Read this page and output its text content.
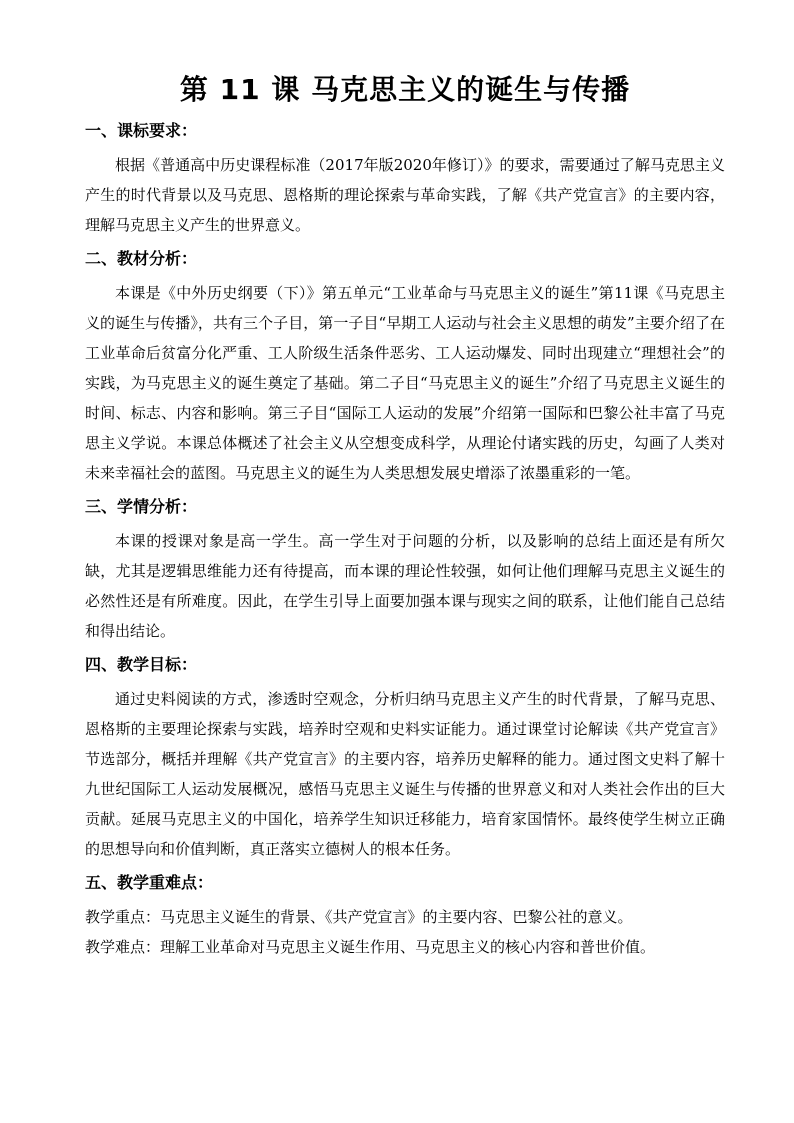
第 11 课 马克思主义的诞生与传播
一、课标要求：

根据《普通高中历史课程标准（2017年版2020年修订）》的要求，需要通过了解马克思主义产生的时代背景以及马克思、恩格斯的理论探索与革命实践，了解《共产党宣言》的主要内容，理解马克思主义产生的世界意义。

二、教材分析：

本课是《中外历史纲要（下）》第五单元“工业革命与马克思主义的诞生”第11课《马克思主义的诞生与传播》，共有三个子目，第一子目“早期工人运动与社会主义思想的萌发”主要介绍了在工业革命后贫富分化严重、工人阶级生活条件恶劣、工人运动爆发、同时出现建立“理想社会”的实践，为马克思主义的诞生奠定了基础。第二子目“马克思主义的诞生”介绍了马克思主义诞生的时间、标志、内容和影响。第三子目“国际工人运动的发展”介绍第一国际和巴黎公社丰富了马克思主义学说。本课总体概述了社会主义从空想变成科学，从理论付诸实践的历史，勾画了人类对未来幸福社会的蓝图。马克思主义的诞生为人类思想发展史增添了浓墨重彩的一笔。

三、学情分析：

本课的授课对象是高一学生。高一学生对于问题的分析，以及影响的总结上面还是有所欠缺，尤其是逻辑思维能力还有待提高，而本课的理论性较强，如何让他们理解马克思主义诞生的必然性还是有所难度。因此，在学生引导上面要加强本课与现实之间的联系，让他们能自己总结和得出结论。

四、教学目标：

通过史料阅读的方式，渗透时空观念，分析归纳马克思主义产生的时代背景，了解马克思、恩格斯的主要理论探索与实践，培养时空观和史料实证能力。通过课堂讨论解读《共产党宣言》节选部分，概括并理解《共产党宣言》的主要内容，培养历史解释的能力。通过图文史料了解十九世纪国际工人运动发展概况，感悟马克思主义诞生与传播的世界意义和对人类社会作出的巨大贡献。延展马克思主义的中国化，培养学生知识迁移能力，培育家国情怀。最终使学生树立正确的思想导向和价值判断，真正落实立德树人的根本任务。

五、教学重难点：

教学重点：马克思主义诞生的背景、《共产党宣言》的主要内容、巴黎公社的意义。

教学难点：理解工业革命对马克思主义诞生作用、马克思主义的核心内容和普世价值。
